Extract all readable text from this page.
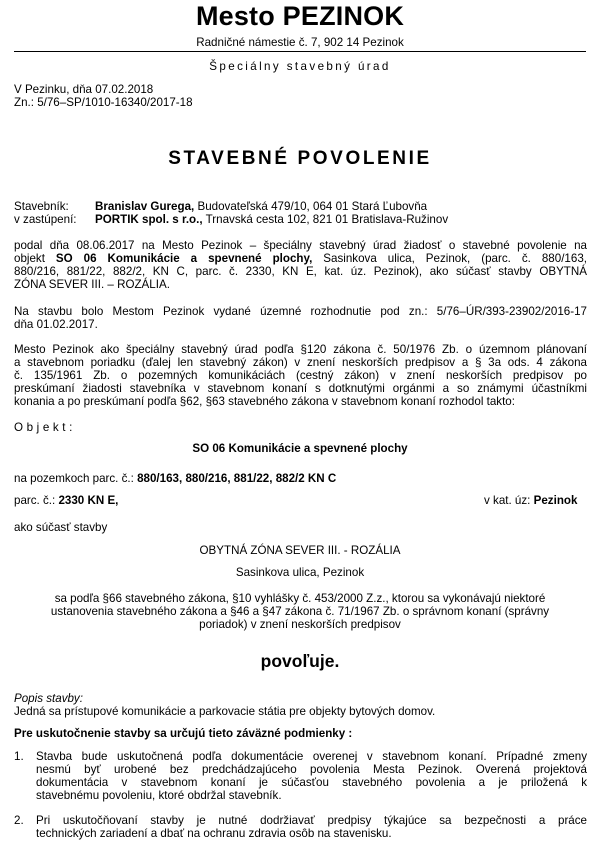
Mesto PEZINOK
Radničné námestie č. 7, 902 14 Pezinok
Špeciálny stavebný úrad
V Pezinku, dňa 07.02.2018
Zn.: 5/76–SP/1010-16340/2017-18
STAVEBNÉ POVOLENIE
Stavebník: Branislav Gurega, Budovateľská 479/10, 064 01 Stará Ľubovňa
v zastúpení: PORTIK spol. s r.o., Trnavská cesta 102, 821 01 Bratislava-Ružinov
podal dňa 08.06.2017 na Mesto Pezinok – špeciálny stavebný úrad žiadosť o stavebné povolenie na
objekt SO 06 Komunikácie a spevnené plochy, Sasinkova ulica, Pezinok, (parc. č. 880/163,
880/216, 881/22, 882/2, KN C, parc. č. 2330, KN E, kat. úz. Pezinok), ako súčasť stavby OBYTNÁ
ZÓNA SEVER III. – ROZÁLIA.
Na stavbu bolo Mestom Pezinok vydané územné rozhodnutie pod zn.: 5/76–ÚR/393-23902/2016-17
dňa 01.02.2017.
Mesto Pezinok ako špeciálny stavebný úrad podľa §120 zákona č. 50/1976 Zb. o územnom plánovaní
a stavebnom poriadku (ďalej len stavebný zákon) v znení neskorších predpisov a § 3a ods. 4 zákona
č. 135/1961 Zb. o pozemných komunikáciách (cestný zákon) v znení neskorších predpisov po
preskúmaní žiadosti stavebníka v stavebnom konaní s dotknutými orgánmi a so známymi účastníkmi
konania a po preskúmaní podľa §62, §63 stavebného zákona v stavebnom konaní rozhodol takto:
Objekt:
SO 06 Komunikácie a spevnené plochy
na pozemkoch parc. č.: 880/163, 880/216, 881/22, 882/2 KN C
parc. č.: 2330 KN E,	v kat. úz: Pezinok
ako súčasť stavby
OBYTNÁ ZÓNA SEVER III. - ROZÁLIA
Sasinkova ulica, Pezinok
sa podľa §66 stavebného zákona, §10 vyhlášky č. 453/2000 Z.z., ktorou sa vykonávajú niektoré
ustanovenia stavebného zákona a §46 a §47 zákona č. 71/1967 Zb. o správnom konaní (správny
poriadok) v znení neskorších predpisov
povoľuje.
Popis stavby:
Jedná sa prístupové komunikácie a parkovacie státia pre objekty bytových domov.
Pre uskutočnenie stavby sa určujú tieto záväzné podmienky :
1. Stavba bude uskutočnená podľa dokumentácie overenej v stavebnom konaní. Prípadné zmeny
nesmú byť urobené bez predchádzajúceho povolenia Mesta Pezinok. Overená projektová
dokumentácia v stavebnom konaní je súčasťou stavebného povolenia a je priložená k
stavebnému povoleniu, ktoré obdržal stavebník.
2. Pri uskutočňovaní stavby je nutné dodržiavať predpisy týkajúce sa bezpečnosti a práce
technických zariadení a dbať na ochranu zdravia osôb na stavenisku.
